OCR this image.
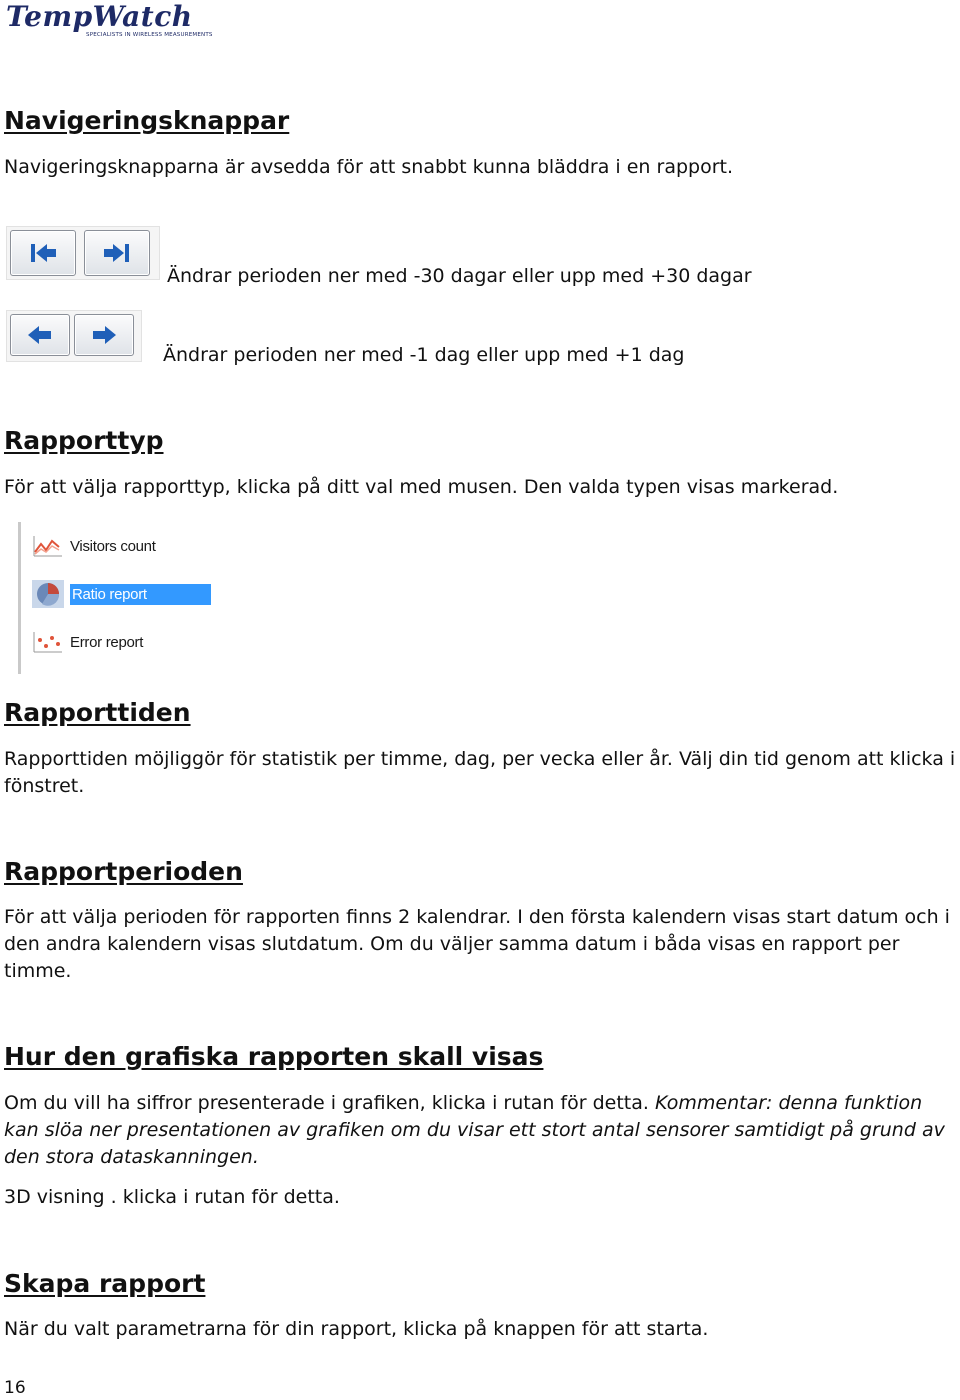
TempWatch
SPECIALISTS IN WIRELESS MEASUREMENTS
Navigeringsknappar

Navigeringsknapparna är avsedda för att snabbt kunna bläddra i en rapport.

Ändrar perioden ner med -30 dagar eller upp med +30 dagar

Ändrar perioden ner med -1 dag eller upp med +1 dag

Rapporttyp

För att välja rapporttyp, klicka på ditt val med musen. Den valda typen visas markerad.

Visitors count
Ratio report
Error report
Rapporttiden

Rapporttiden möjliggör för statistik per timme, dag, per vecka eller år. Välj din tid genom att klicka i fönstret.

Rapportperioden

För att välja perioden för rapporten finns 2 kalendrar. I den första kalendern visas start datum och i den andra kalendern visas slutdatum. Om du väljer samma datum i båda visas en rapport per timme.

Hur den grafiska rapporten skall visas

Om du vill ha siffror presenterade i grafiken, klicka i rutan för detta. Kommentar: denna funktion kan slöa ner presentationen av grafiken om du visar ett stort antal sensorer samtidigt på grund av den stora dataskanningen.

3D visning . klicka i rutan för detta.

Skapa rapport

När du valt parametrarna för din rapport, klicka på knappen för att starta.

16
